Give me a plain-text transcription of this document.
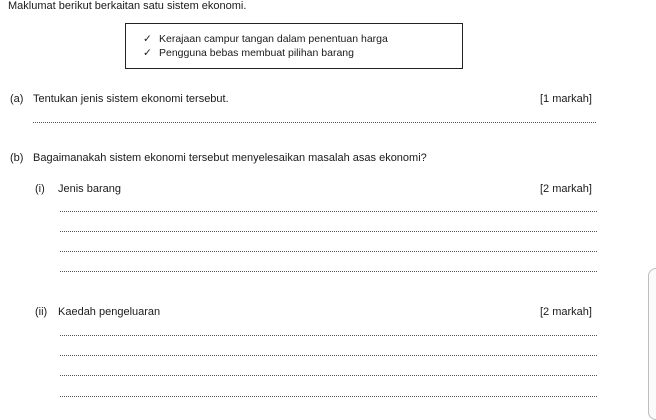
Maklumat berikut berkaitan satu sistem ekonomi.
✓ Kerajaan campur tangan dalam penentuan harga
✓ Pengguna bebas membuat pilihan barang
(a) Tentukan jenis sistem ekonomi tersebut.	[1 markah]
(b) Bagaimanakah sistem ekonomi tersebut menyelesaikan masalah asas ekonomi?
(i) Jenis barang	[2 markah]
(ii) Kaedah pengeluaran	[2 markah]
